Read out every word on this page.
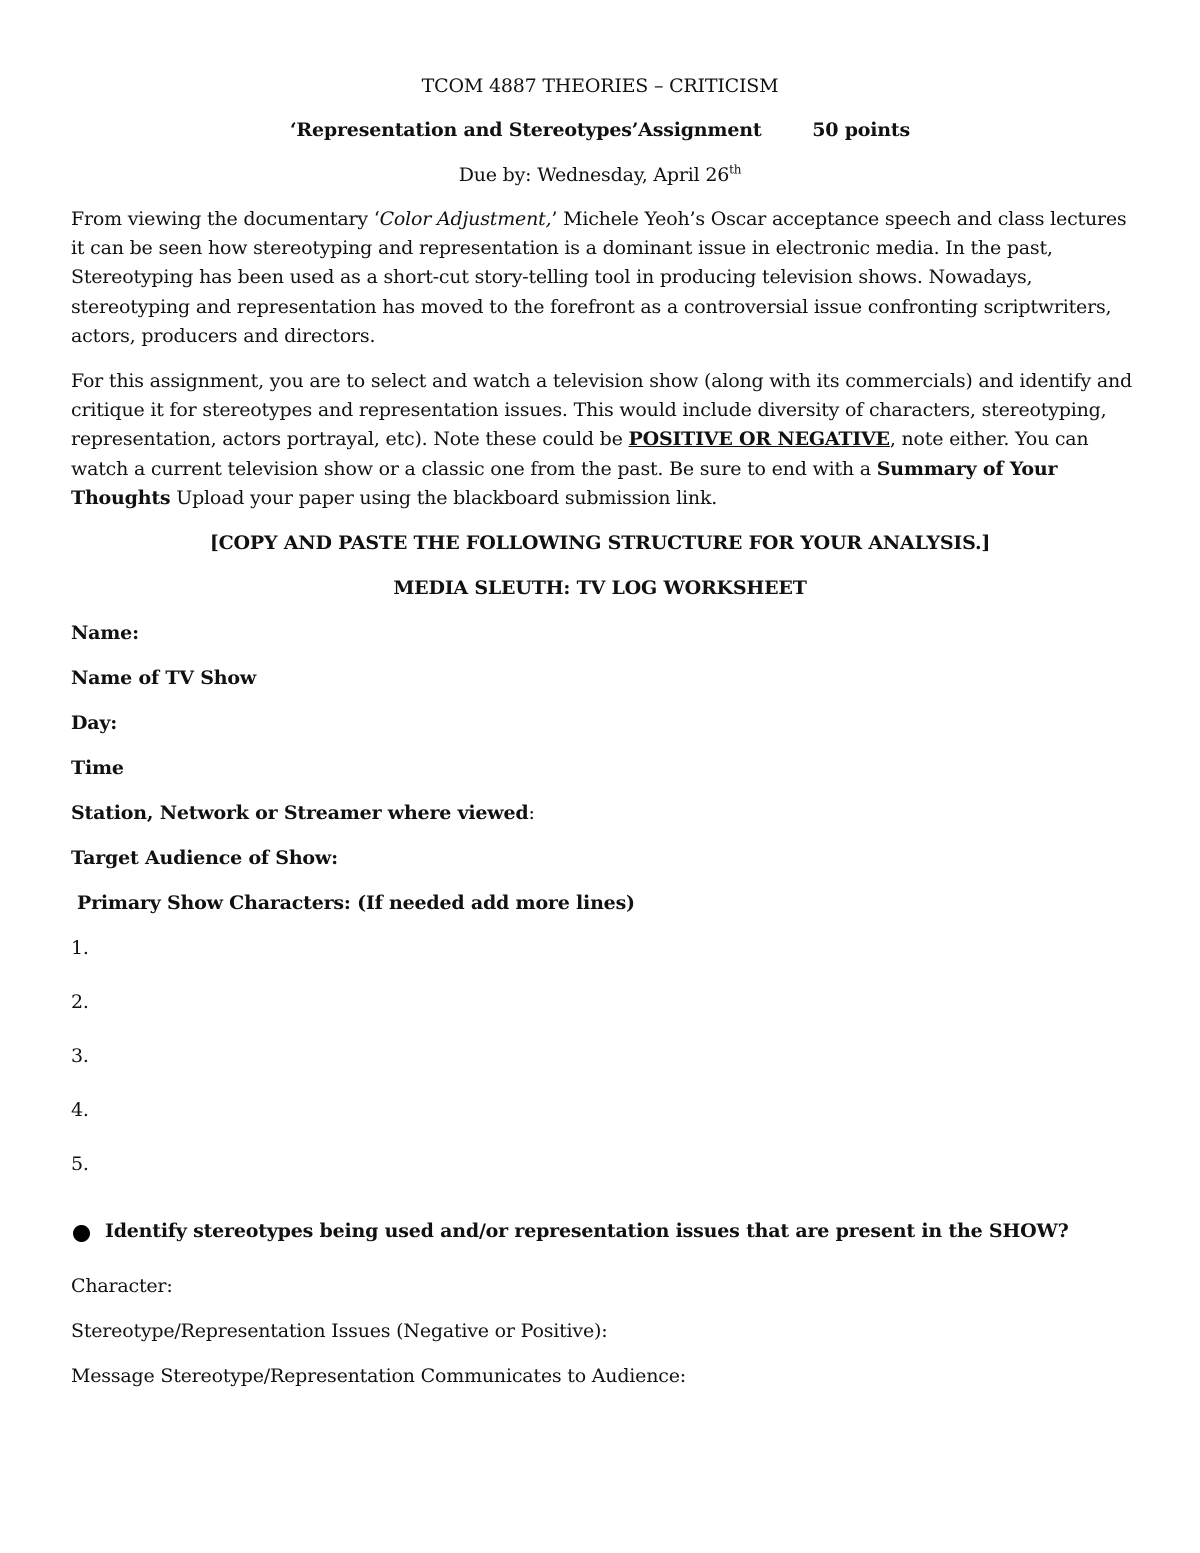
TCOM 4887 THEORIES – CRITICISM

‘Representation and Stereotypes’Assignment	50 points

Due by: Wednesday, April 26th

From viewing the documentary ‘Color Adjustment,’ Michele Yeoh’s Oscar acceptance speech and class lectures
it can be seen how stereotyping and representation is a dominant issue in electronic media. In the past,
Stereotyping has been used as a short-cut story-telling tool in producing television shows. Nowadays,
stereotyping and representation has moved to the forefront as a controversial issue confronting scriptwriters,
actors, producers and directors.
For this assignment, you are to select and watch a television show (along with its commercials) and identify and
critique it for stereotypes and representation issues. This would include diversity of characters, stereotyping,
representation, actors portrayal, etc). Note these could be POSITIVE OR NEGATIVE, note either. You can
watch a current television show or a classic one from the past. Be sure to end with a Summary of Your
Thoughts Upload your paper using the blackboard submission link.

[COPY AND PASTE THE FOLLOWING STRUCTURE FOR YOUR ANALYSIS.]

MEDIA SLEUTH: TV LOG WORKSHEET

Name:

Name of TV Show

Day:

Time

Station, Network or Streamer where viewed:

Target Audience of Show:

Primary Show Characters: (If needed add more lines)

1.

2.

3.

4.

5.

Identify stereotypes being used and/or representation issues that are present in the SHOW?

Character:

Stereotype/Representation Issues (Negative or Positive):

Message Stereotype/Representation Communicates to Audience:
